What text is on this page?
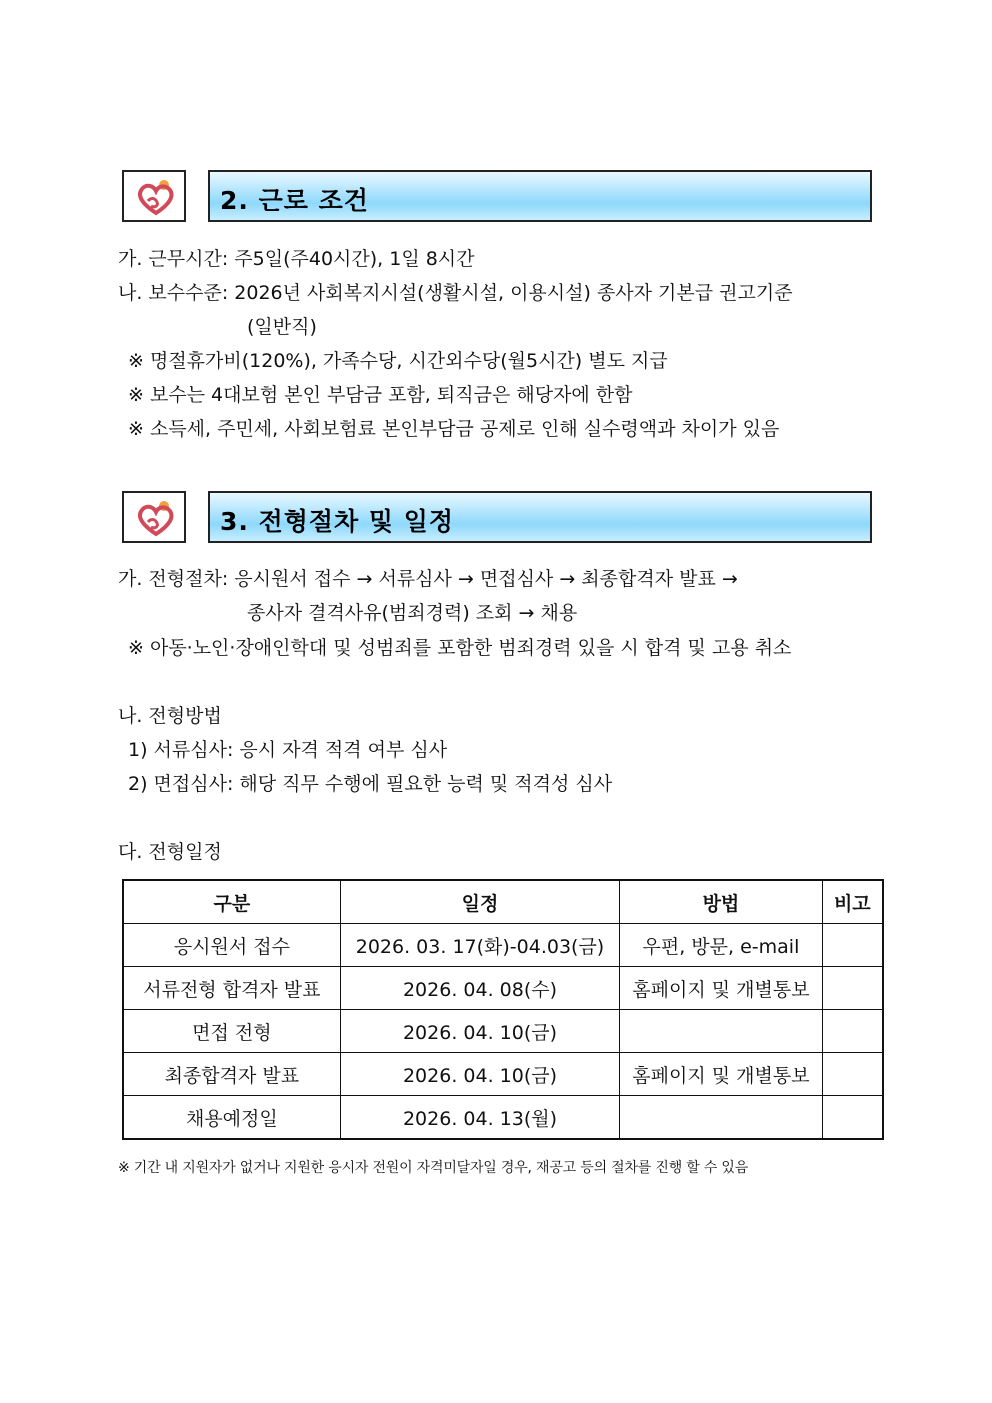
2. 근로 조건
가. 근무시간: 주5일(주40시간), 1일 8시간
나. 보수수준: 2026년 사회복지시설(생활시설, 이용시설) 종사자 기본급 권고기준
(일반직)
※ 명절휴가비(120%), 가족수당, 시간외수당(월5시간) 별도 지급
※ 보수는 4대보험 본인 부담금 포함, 퇴직금은 해당자에 한함
※ 소득세, 주민세, 사회보험료 본인부담금 공제로 인해 실수령액과 차이가 있음
3. 전형절차 및 일정
가. 전형절차: 응시원서 접수 → 서류심사 → 면접심사 → 최종합격자 발표 →
종사자 결격사유(범죄경력) 조회 → 채용
※ 아동·노인·장애인학대 및 성범죄를 포함한 범죄경력 있을 시 합격 및 고용 취소
나. 전형방법
1) 서류심사: 응시 자격 적격 여부 심사
2) 면접심사: 해당 직무 수행에 필요한 능력 및 적격성 심사
다. 전형일정
구분	일정	방법	비고
응시원서 접수	2026. 03. 17(화)-04.03(금)	우편, 방문, e-mail	
서류전형 합격자 발표	2026. 04. 08(수)	홈페이지 및 개별통보	
면접 전형	2026. 04. 10(금)		
최종합격자 발표	2026. 04. 10(금)	홈페이지 및 개별통보	
채용예정일	2026. 04. 13(월)		
※ 기간 내 지원자가 없거나 지원한 응시자 전원이 자격미달자일 경우, 재공고 등의 절차를 진행 할 수 있음
